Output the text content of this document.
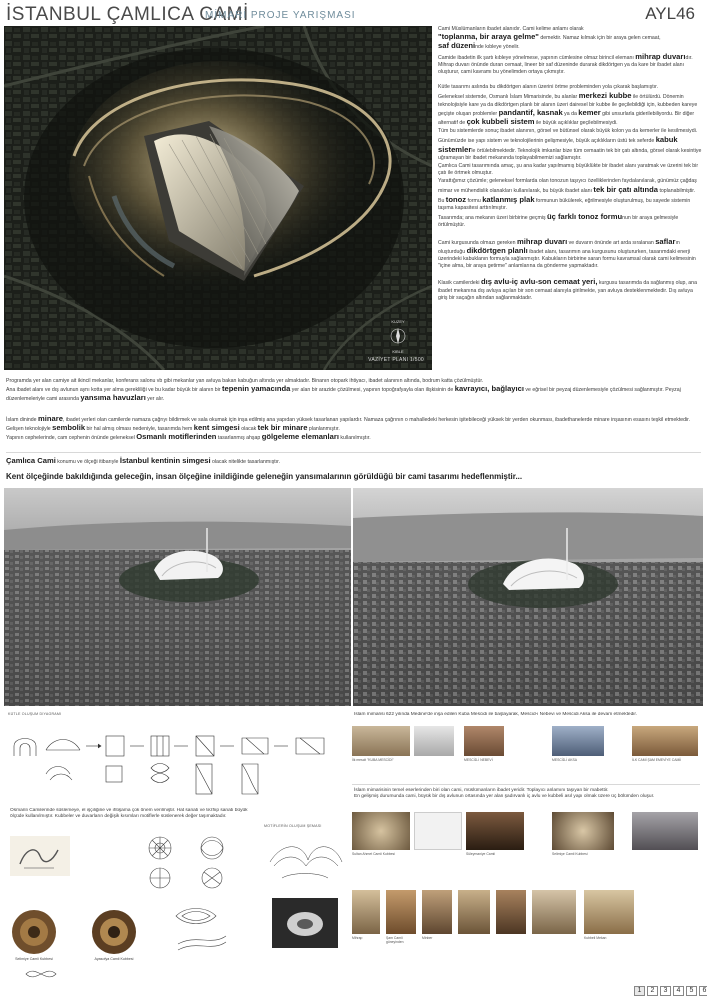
İSTANBUL ÇAMLICA CAMİ
MİMARİ PROJE YARIŞMASI	AYL46
KUZEY
KIBLE
VAZİYET PLANI 1/500

Cami Müslümanların ibadet alanıdır. Cami kelime anlamı olarak
"toplanma, bir araya gelme" demektir. Namaz kılmak için bir araya gelen cemaat,
saf düzeninde kıbleye yönelir.

Camide ibadetin ilk şartı kıbleye yönelmese, yapının cümlesine olmaz birincil elemanı mihrap duvarıdır. Mihrap duvarı önünde duran cemaat, lineer bir saf düzeninde durarak dikdörtgen ya da kare bir ibadet alanı oluşturur, cami kavramı bu yönelimden ortaya çıkmıştır.

Kütle tasarımı aslında bu dikdörtgen alanın üzerini örtme probleminden yola çıkarak başlamıştır.

Geleneksel sistemde, Osmanlı İslam Mimarisinde, bu alanlar merkezi kubbe ile örtülürdü. Dönemin teknolojisiyle kare ya da dikdörtgen planlı bir alanın üzeri dairesel bir kubbe ile geçilebildiği için, kubbeden kareye geçişte oluşan problemler pandantif, kasnak ya da kemer gibi unsurlarla giderilebiliyordu. Bir diğer alternatif de çok kubbeli sistem ile büyük açıklıklar geçilebilmesiydi.

Tüm bu sistemlerde sonuç ibadet alanının, görsel ve bütünsel olarak büyük kolon ya da kemerler ile kesilmesiydi.

Günümüzde ise yapı sistem ve teknolojilerinin gelişmesiyle, büyük açıklıkların üstü tek seferde kabuk sistemlerle örtülebilmektedir. Teknolojik imkanlar bize tüm cemaatin tek bir çatı altında, görsel olarak kesintiye uğramayan bir ibadet mekanında toplayabilmemizi sağlamıştır.

Çamlıca Cami tasarımında amaç, şu ana kadar yapılmamış büyüklükte bir ibadet alanı yaratmak ve üzerini tek bir çatı ile örtmek olmuştur.

Yarattığımız çözümle; geleneksel formlarda olan tonozun taşıyıcı özelliklerinden faydalanılarak, günümüz çağdaş mimar ve mühendislik olanakları kullanılarak, bu büyük ibadet alanı tek bir çatı altında toplanabilmiştir.

Bu tonoz formu katlanmış plak formunun bükülerek, eğrilmesiyle oluşturulmuş, bu sayede sistemin taşıma kapasitesi arttırılmıştır.

Tasarımda; ana mekanın üzeri birbirine geçmiş üç farklı tonoz formunun bir araya gelmesiyle örtülmüştür.

Cami kurgusunda olmazı gereken mihrap duvarı ve duvarın önünde art arda sıralanan safların oluşturduğu dikdörtgen planlı ibadet alanı, tasarımın ana kurgusunu oluştururken, tasarımdaki enerji üzerindeki kabuklanın formuyla sağlanmıştır. Kabukların birbirine saran formu kavramsal olarak cami kelimesinin "içine alma, bir araya getirme" anlamlarına da gönderme yapmaktadır.

Klasik camilerdeki dış avlu-iç avlu-son cemaat yeri, kurgusu tasarımda da sağlanmış olup, ana ibadet mekanına dış avluya açılan bir son cemaat alanıyla girilmekte, yan avluya desteklenmektedir. Dış avluya giriş bir saçağın altından sağlanmaktadır.

Programda yer alan camiye ait ikincil mekanlar, konferans salonu vb gibi mekanlar yan avluya bakan kabuğun altında yer almaktadır. Binanın otopark ihtiyacı, ibadet alanının altında, bodrum katta çözülmüştür.
Ana ibadet alanı ve dış avlunun aynı kotta yer alma gerekliliği ve bu kadar büyük bir alanın bir tepenin yamacında yer alan bir arazide çözülmesi, yapının topoğrafyayla olan ilişkisinin de kavrayıcı, bağlayıcı ve eğrisel bir peyzaj düzenlemesiyle çözülmesi sağlanmıştır. Peyzaj düzenlemeleriyle cami arasında yansıma havuzları yer alır.
İslam dininde minare, ibadet yerleri olan camilerde namaza çağrıyı bildirmek ve sala okumak için inşa edilmiş ana yapıdan yüksek tasarlanan yapılardır. Namaza çağrının o mahalledeki herkesin işitebileceği yüksek bir yerden okunması, ibadethanelerde minare inşasının esasını teşkil etmektedir. Gelişen teknolojiyle sembolik bir hal almış olması nedeniyle, tasarımda hem kent simgesi olacak tek bir minare planlanmıştır.
Yapının cephelerinde, cam cephenin önünde geleneksel Osmanlı motiflerinden tasarlanmış ahşap gölgeleme elemanları kullanılmıştır.
Çamlıca Cami konumu ve ölçeği itibarıyle İstanbul kentinin simgesi olacak nitelikte tasarlanmıştır.
Kent ölçeğinde bakıldığında geleceğin, insan ölçeğine inildiğinde geleneğin yansımalarının görüldüğü bir cami tasarımı hedeflenmiştir...
KÜTLE OLUŞUM DİYAGRAMI
Osmanlı Camilerinde süslemeye, el işçiliğine ve ihtişama çok önem verilmiştir. Hat sanatı ve tezhip sanatı büyük ölçüde kullanılmıştır. Kubbeler ve duvarların değişik kısımları motiflerle süslenerek değer taşımaktadır.
Selimiye Camii Kubbesi	Ayasofya Camii Kubbesi
MOTİFLERİN OLUŞUM ŞEMASI
İslam mimarisi 622 yılında Medine'de inşa edilen Kuba Mescidi ile başlayarak, Mescid-i Nebevi ve Mescidi Aksa ile devam etmektedir.
İlk mescit "KUBA MESCİDİ"	MESCİD-İ NEBEVİ	MESCİD-İ AKSA	İLK CAMİ ŞAM EMEVİYE CAMİİ
İslam mimarisinin temel eserlerinden biri olan cami, müslümanların ibadet yeridir. Toplayıcı anlamını taşıyan bir mabettir.
En gelişmiş durumunda cami, büyük bir dış avlunun ortasında yer alan şadırvanlı iç avlu ve kubbeli asıl yapı olmak üzere üç bölümden oluşur.
Sultan Ahmet Camii Kubbesi	Süleymaniye Camii	Selimiye Camii Kubbesi
Mihrap	Şam Camii güneyinden
Minber	Kubbeli Mekan
1	2	3	4	5	6
